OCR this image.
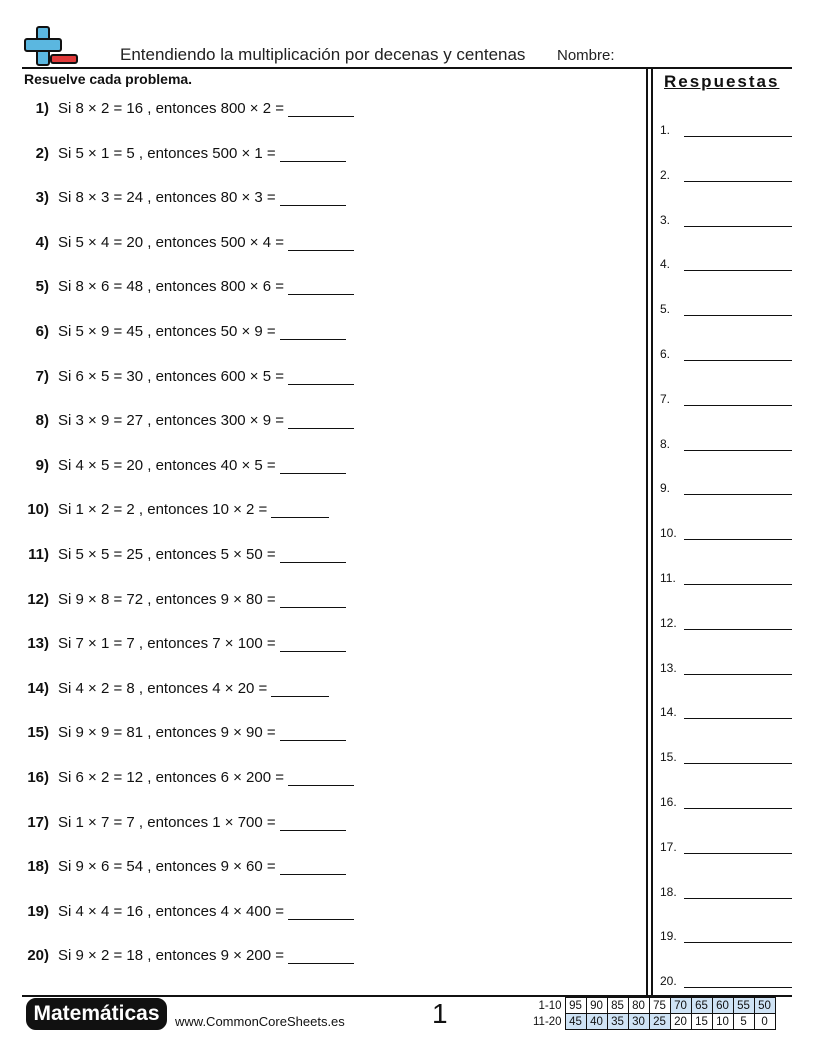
Entendiendo la multiplicación por decenas y centenas Nombre:
Resuelve cada problema.
1) Si 8 × 2 = 16 , entonces 800 × 2 =
2) Si 5 × 1 = 5 , entonces 500 × 1 =
3) Si 8 × 3 = 24 , entonces 80 × 3 =
4) Si 5 × 4 = 20 , entonces 500 × 4 =
5) Si 8 × 6 = 48 , entonces 800 × 6 =
6) Si 5 × 9 = 45 , entonces 50 × 9 =
7) Si 6 × 5 = 30 , entonces 600 × 5 =
8) Si 3 × 9 = 27 , entonces 300 × 9 =
9) Si 4 × 5 = 20 , entonces 40 × 5 =
10) Si 1 × 2 = 2 , entonces 10 × 2 =
11) Si 5 × 5 = 25 , entonces 5 × 50 =
12) Si 9 × 8 = 72 , entonces 9 × 80 =
13) Si 7 × 1 = 7 , entonces 7 × 100 =
14) Si 4 × 2 = 8 , entonces 4 × 20 =
15) Si 9 × 9 = 81 , entonces 9 × 90 =
16) Si 6 × 2 = 12 , entonces 6 × 200 =
17) Si 1 × 7 = 7 , entonces 1 × 700 =
18) Si 9 × 6 = 54 , entonces 9 × 60 =
19) Si 4 × 4 = 16 , entonces 4 × 400 =
20) Si 9 × 2 = 18 , entonces 9 × 200 =
Respuestas
1.
2.
3.
4.
5.
6.
7.
8.
9.
10.
11.
12.
13.
14.
15.
16.
17.
18.
19.
20.
Matemáticas www.CommonCoreSheets.es	1	1-10	95	90	85	80	75	70	65	60	55	50
11-20	45	40	35	30	25	20	15	10	5	0
